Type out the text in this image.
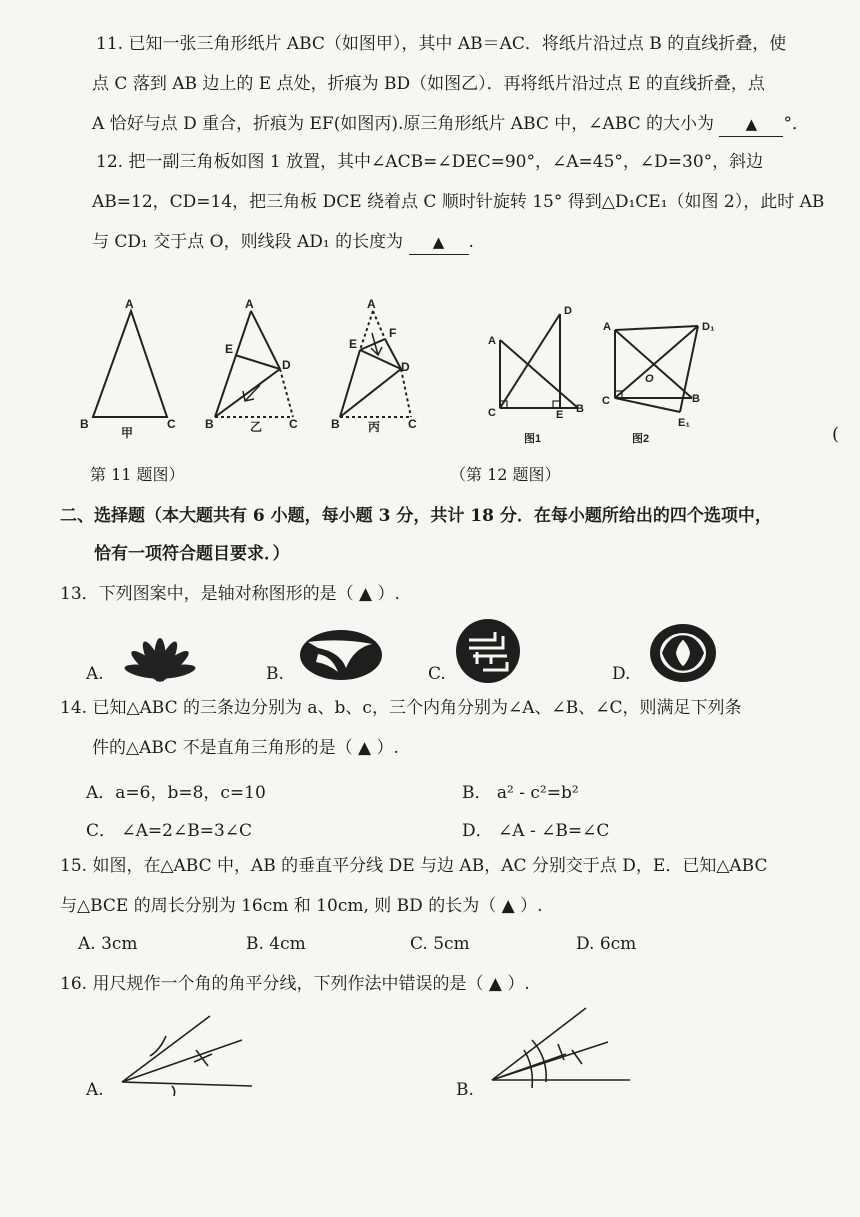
11. 已知一张三角形纸片 ABC（如图甲），其中 AB＝AC．将纸片沿过点 B 的直线折叠，使
点 C 落到 AB 边上的 E 点处，折痕为 BD（如图乙）．再将纸片沿过点 E 的直线折叠，点
A 恰好与点 D 重合，折痕为 EF(如图丙).原三角形纸片 ABC 中，∠ABC 的大小为 ▲ °．
12. 把一副三角板如图 1 放置，其中∠ACB=∠DEC=90°，∠A=45°，∠D=30°，斜边
AB=12，CD=14，把三角板 DCE 绕着点 C 顺时针旋转 15° 得到△D₁CE₁（如图 2），此时 AB
与 CD₁ 交于点 O，则线段 AD₁ 的长度为 ▲ .
A
B	C
甲
A
E
D
B	C
乙
A
E
F
D
B	C
丙
D
A
C	E B
图1
A	D₁
O
C	B
E₁
图2	(
第 11 题图）	（第 12 题图）
二、选择题（本大题共有 6 小题，每小题 3 分，共计 18 分．在每小题所给出的四个选项中，
恰有一项符合题目要求．）
13．下列图案中，是轴对称图形的是（ ▲ ）.
A.	B.	C.	D.
14. 已知△ABC 的三条边分别为 a、b、c，三个内角分别为∠A、∠B、∠C，则满足下列条
件的△ABC 不是直角三角形的是（ ▲ ）.
A．a=6，b=8，c=10	B． a² - c²=b²
C． ∠A=2∠B=3∠C	D． ∠A - ∠B=∠C
15. 如图，在△ABC 中，AB 的垂直平分线 DE 与边 AB，AC 分别交于点 D，E．已知△ABC
与△BCE 的周长分别为 16cm 和 10cm, 则 BD 的长为（ ▲ ）.
A. 3cm	B. 4cm	C. 5cm	D. 6cm
16. 用尺规作一个角的角平分线，下列作法中错误的是（ ▲ ）.
A.	B.
